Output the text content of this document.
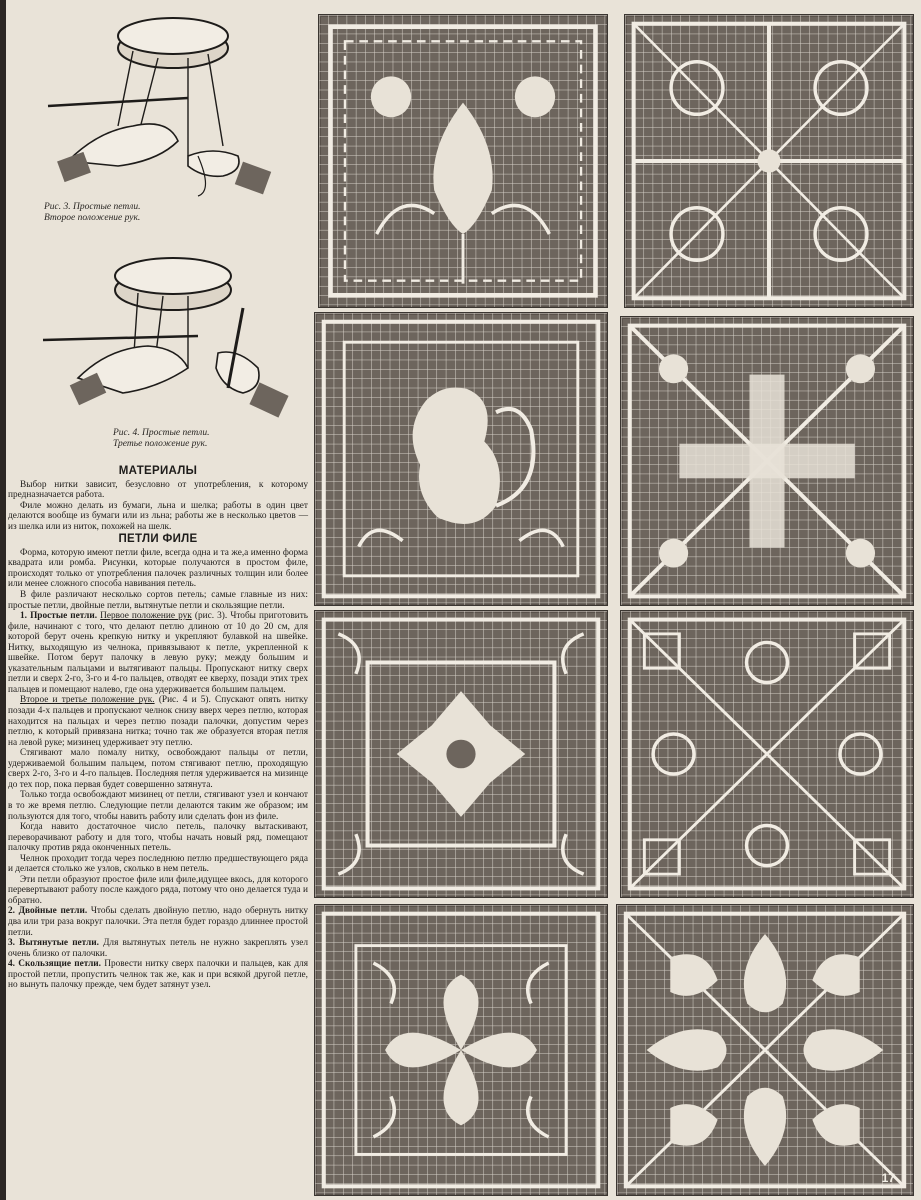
Рис. 3. Простые петли.
Второе положение рук.
Рис. 4. Простые петли.
Третье положение рук.
МАТЕРИАЛЫ

Выбор нитки зависит, безусловно от употребления, к которому предназначается работа.

Филе можно делать из бумаги, льна и шелка; работы в один цвет делаются вообще из бумаги или из льна; работы же в несколько цветов — из шелка или из ниток, похожей на шелк.

ПЕТЛИ ФИЛЕ

Форма, которую имеют петли филе, всегда одна и та же,а именно форма квадрата или ромба. Рисунки, которые получаются в простом филе, происходят только от употребления палочек различных толщин или более или менее сложного способа навивания петель.

В филе различают несколько сортов петель; самые главные из них: простые петли, двойные петли, вытянутые петли и скользящие петли.

1. Простые петли. Первое положение рук (рис. 3). Чтобы приготовить филе, начинают с того, что делают петлю длиною от 10 до 20 см, для которой берут очень крепкую нитку и укрепляют булавкой на швейке. Нитку, выходящую из челнока, привязывают к петле, укрепленной к швейке. Потом берут палочку в левую руку; между большим и указательным пальцами и вытягивают пальцы. Пропускают нитку сверх петли и сверх 2-го, 3-го и 4-го пальцев, отводят ее кверху, позади этих трех пальцев и помещают налево, где она удерживается большим пальцем.

Второе и третье положение рук. (Рис. 4 и 5). Спускают опять нитку позади 4-х пальцев и пропускают челнок снизу вверх через петлю, которая находится на пальцах и через петлю позади палочки, допустим через петлю, к который привязана нитка; точно так же образуется вторая петля на левой руке; мизинец удерживает эту петлю.

Стягивают мало помалу нитку, освобождают пальцы от петли, удерживаемой большим пальцем, потом стягивают петлю, проходящую сверх 2-го, 3-го и 4-го пальцев. Последняя петля удерживается на мизинце до тех пор, пока первая будет совершенно затянута.

Только тогда освобождают мизинец от петли, стягивают узел и кончают в то же время петлю. Следующие петли делаются таким же образом; им пользуются для того, чтобы навить работу или сделать фон из филе.

Когда навито достаточное число петель, палочку вытаскивают, переворачивают работу и для того, чтобы начать новый ряд, помещают палочку против ряда оконченных петель.

Челнок проходит тогда через последнюю петлю предшествующего ряда и делается столько же узлов, сколько в нем петель.

Эти петли образуют простое филе или филе,идущее вкось, для которого перевертывают работу после каждого ряда, потому что оно делается туда и обратно.

2. Двойные петли. Чтобы сделать двойную петлю, надо обернуть нитку два или три раза вокруг палочки. Эта петля будет гораздо длиннее простой петли.

3. Вытянутые петли. Для вытянутых петель не нужно закреплять узел очень близко от палочки.

4. Скользящие петли. Провести нитку сверх палочки и пальцев, как для простой петли, пропустить челнок так же, как и при всякой другой петле, но вынуть палочку прежде, чем будет затянут узел.

17
